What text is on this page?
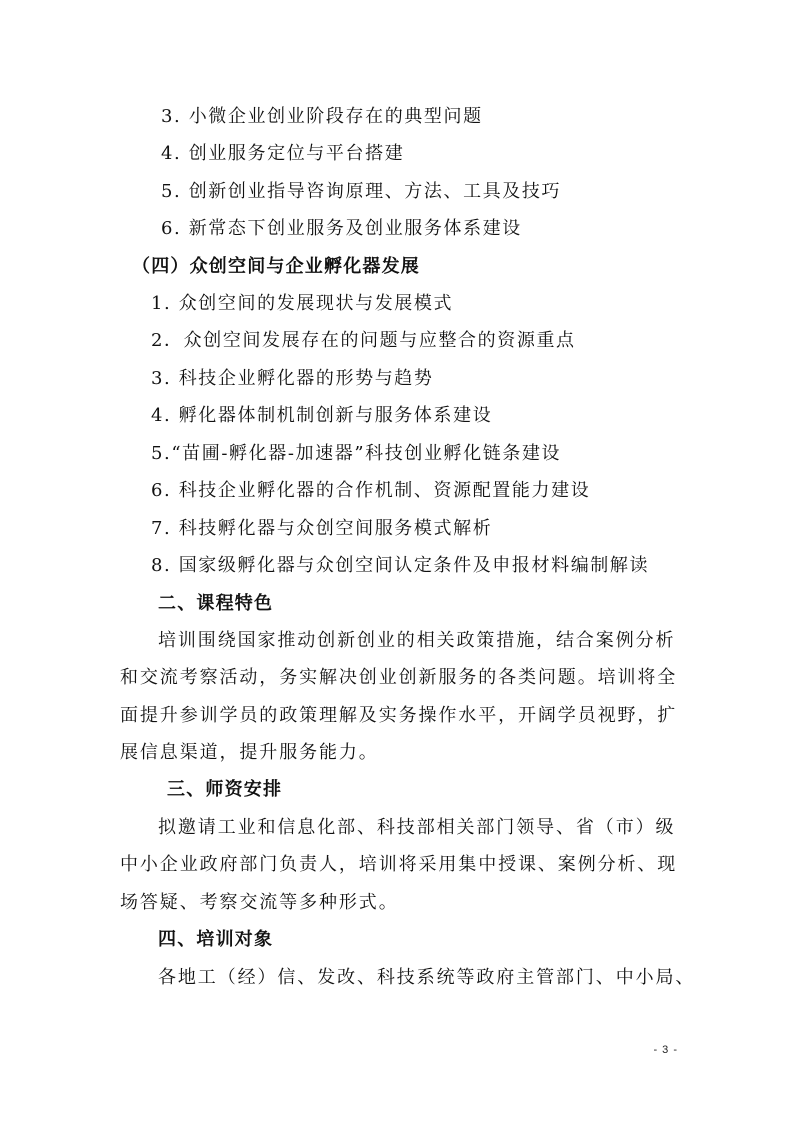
3. 小微企业创业阶段存在的典型问题
4. 创业服务定位与平台搭建
5. 创新创业指导咨询原理、方法、工具及技巧
6. 新常态下创业服务及创业服务体系建设
（四）众创空间与企业孵化器发展
1. 众创空间的发展现状与发展模式
2．众创空间发展存在的问题与应整合的资源重点
3. 科技企业孵化器的形势与趋势
4. 孵化器体制机制创新与服务体系建设
5.“苗圃-孵化器-加速器”科技创业孵化链条建设
6. 科技企业孵化器的合作机制、资源配置能力建设
7. 科技孵化器与众创空间服务模式解析
8. 国家级孵化器与众创空间认定条件及申报材料编制解读
二、课程特色
培训围绕国家推动创新创业的相关政策措施，结合案例分析
和交流考察活动，务实解决创业创新服务的各类问题。培训将全
面提升参训学员的政策理解及实务操作水平，开阔学员视野，扩
展信息渠道，提升服务能力。
三、师资安排
拟邀请工业和信息化部、科技部相关部门领导、省（市）级
中小企业政府部门负责人，培训将采用集中授课、案例分析、现
场答疑、考察交流等多种形式。
四、培训对象
各地工（经）信、发改、科技系统等政府主管部门、中小局、
- 3 -
